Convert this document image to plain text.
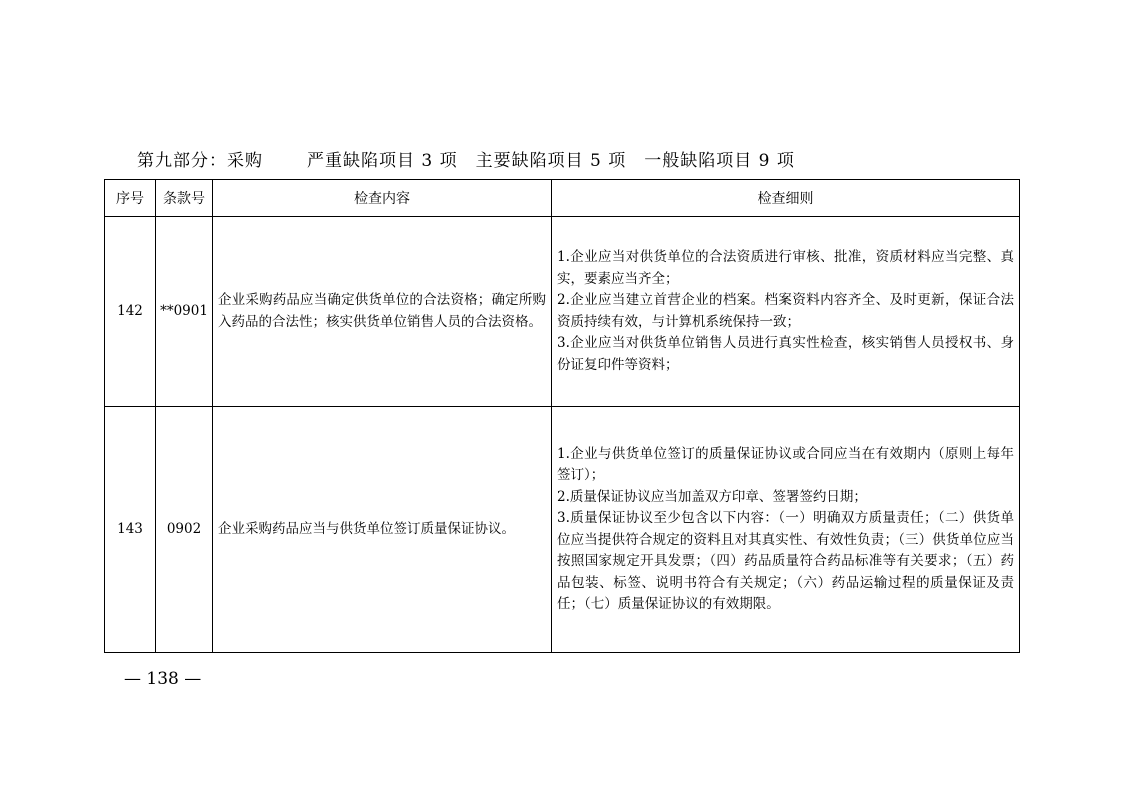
第九部分：采购	严重缺陷项目 3 项 主要缺陷项目 5 项 一般缺陷项目 9 项
序号	条款号	检查内容	检查细则
142	**0901	企业采购药品应当确定供货单位的合法资格；确定所购入药品的合法性；核实供货单位销售人员的合法资格。	1.企业应当对供货单位的合法资质进行审核、批准，资质材料应当完整、真实，要素应当齐全；
2.企业应当建立首营企业的档案。档案资料内容齐全、及时更新，保证合法资质持续有效，与计算机系统保持一致；
3.企业应当对供货单位销售人员进行真实性检查，核实销售人员授权书、身份证复印件等资料；

143	0902	企业采购药品应当与供货单位签订质量保证协议。	1.企业与供货单位签订的质量保证协议或合同应当在有效期内（原则上每年签订）；
2.质量保证协议应当加盖双方印章、签署签约日期；
3.质量保证协议至少包含以下内容：（一）明确双方质量责任；（二）供货单位应当提供符合规定的资料且对其真实性、有效性负责；（三）供货单位应当按照国家规定开具发票；（四）药品质量符合药品标准等有关要求；（五）药品包装、标签、说明书符合有关规定；（六）药品运输过程的质量保证及责任；（七）质量保证协议的有效期限。
— 138 —
